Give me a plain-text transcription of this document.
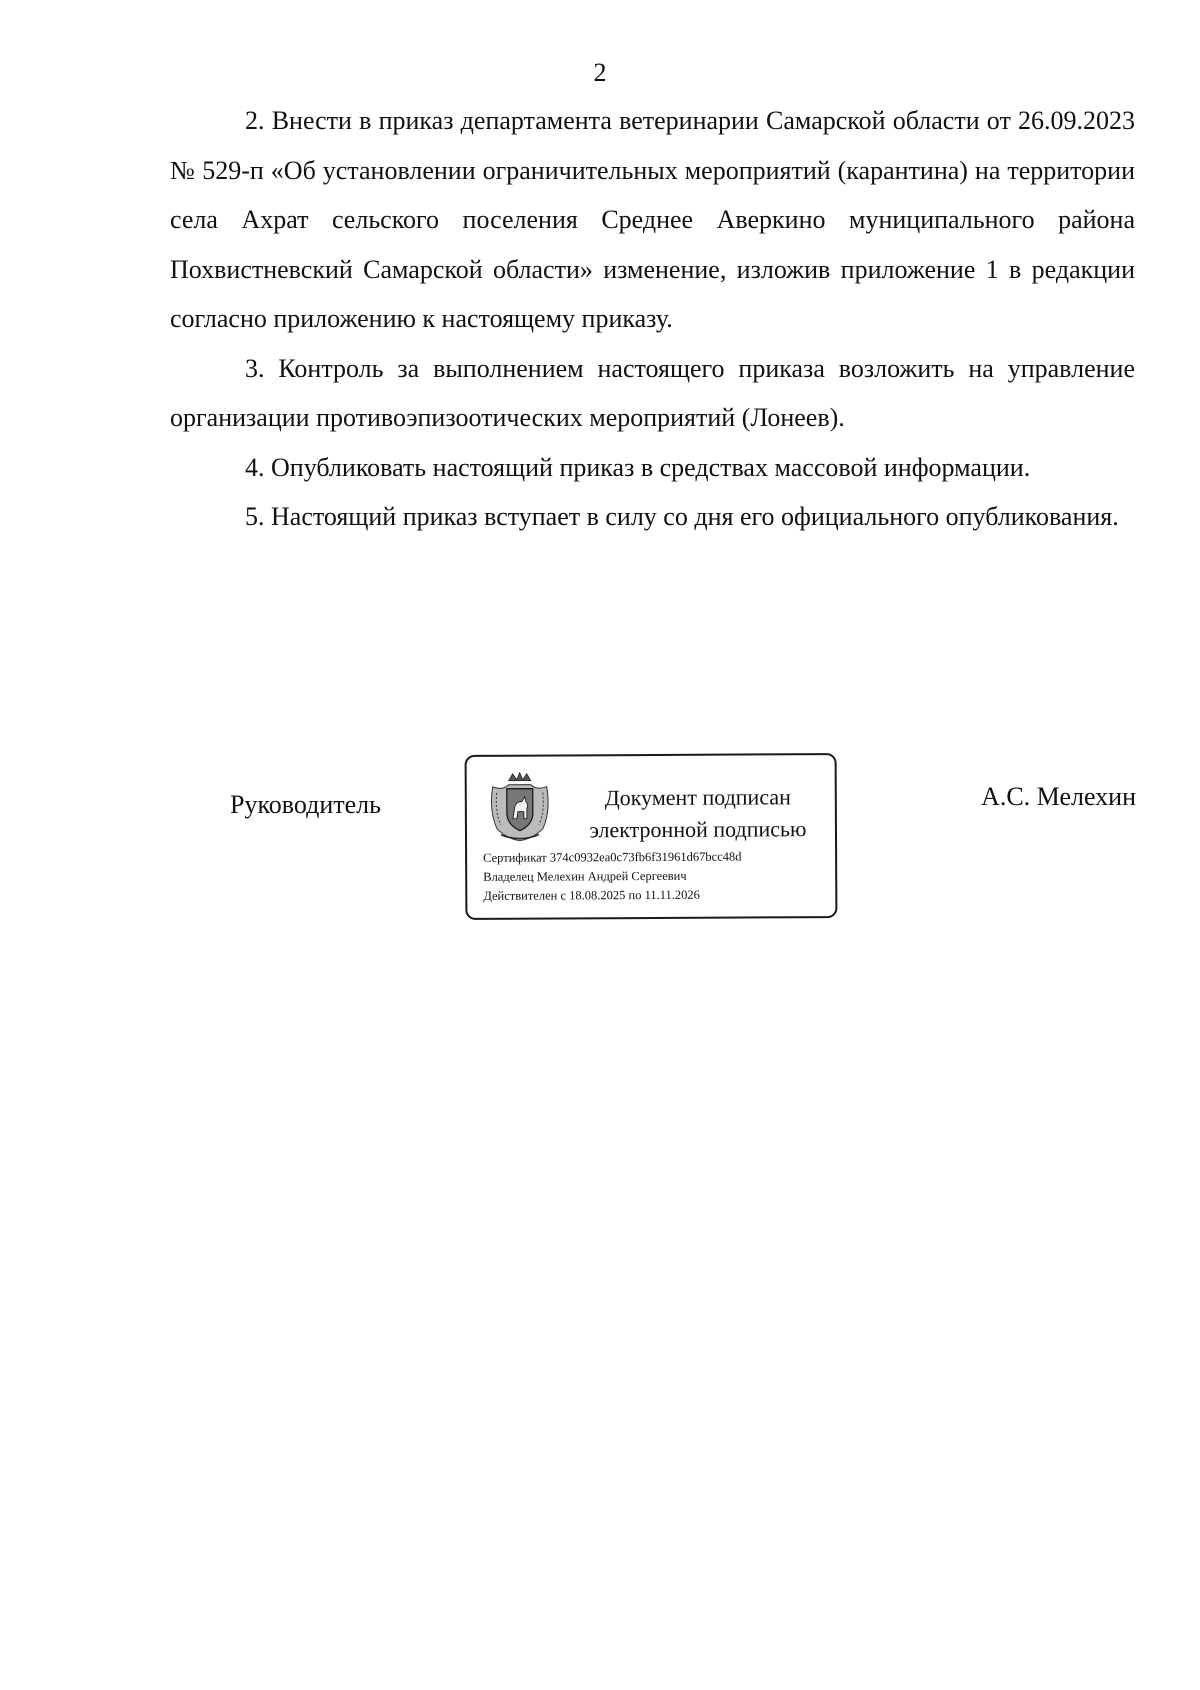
2

2. Внести в приказ департамента ветеринарии Самарской области от 26.09.2023 № 529-п «Об установлении ограничительных мероприятий (карантина) на территории села Ахрат сельского поселения Среднее Аверкино муниципального района Похвистневский Самарской области» изменение, изложив приложение 1 в редакции согласно приложению к настоящему приказу.

3. Контроль за выполнением настоящего приказа возложить на управление организации противоэпизоотических мероприятий (Лонеев).

4. Опубликовать настоящий приказ в средствах массовой информации.

5. Настоящий приказ вступает в силу со дня его официального опубликования.

Руководитель	Документ подписан
электронной подписью
Сертификат 374c0932ea0c73fb6f31961d67bcc48d
Владелец Мелехин Андрей Сергеевич
Действителен с 18.08.2025 по 11.11.2026
А.С. Мелехин
